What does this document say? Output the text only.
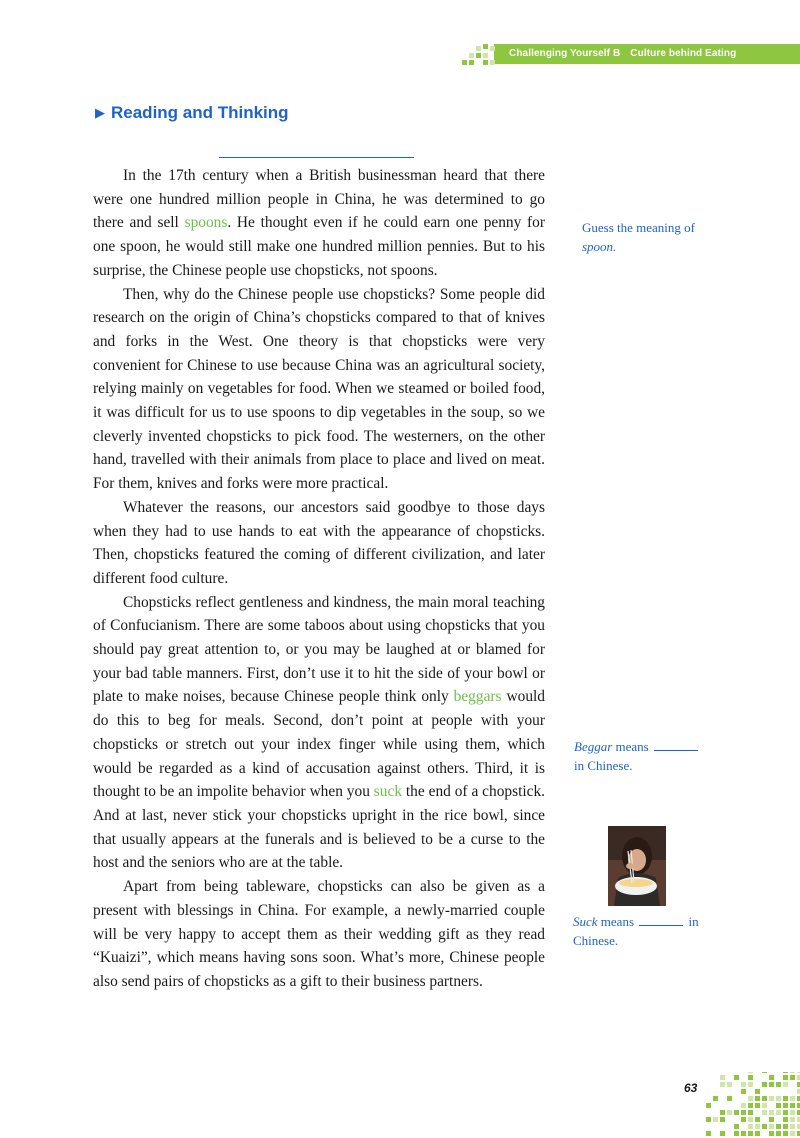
Challenging Yourself B Culture behind Eating
▶ Reading and Thinking

In the 17th century when a British businessman heard that there were one hundred million people in China, he was determined to go there and sell spoons. He thought even if he could earn one penny for one spoon, he would still make one hundred million pennies. But to his surprise, the Chinese people use chopsticks, not spoons.

Then, why do the Chinese people use chopsticks? Some people did research on the origin of China’s chopsticks compared to that of knives and forks in the West. One theory is that chopsticks were very convenient for Chinese to use because China was an agricultural society, relying mainly on vegetables for food. When we steamed or boiled food, it was difficult for us to use spoons to dip vegetables in the soup, so we cleverly invented chopsticks to pick food. The westerners, on the other hand, travelled with their animals from place to place and lived on meat. For them, knives and forks were more practical.

Whatever the reasons, our ancestors said goodbye to those days when they had to use hands to eat with the appearance of chopsticks. Then, chopsticks featured the coming of different civilization, and later different food culture.

Chopsticks reflect gentleness and kindness, the main moral teaching of Confucianism. There are some taboos about using chopsticks that you should pay great attention to, or you may be laughed at or blamed for your bad table manners. First, don’t use it to hit the side of your bowl or plate to make noises, because Chinese people think only beggars would do this to beg for meals. Second, don’t point at people with your chopsticks or stretch out your index finger while using them, which would be regarded as a kind of accusation against others. Third, it is thought to be an impolite behavior when you suck the end of a chopstick. And at last, never stick your chopsticks upright in the rice bowl, since that usually appears at the funerals and is believed to be a curse to the host and the seniors who are at the table.

Apart from being tableware, chopsticks can also be given as a present with blessings in China. For example, a newly-married couple will be very happy to accept them as their wedding gift as they read “Kuaizi”, which means having sons soon. What’s more, Chinese people also send pairs of chopsticks as a gift to their business partners.

Guess the meaning of
spoon.
Beggar means
in Chinese.
Suck means	in
Chinese.
63
